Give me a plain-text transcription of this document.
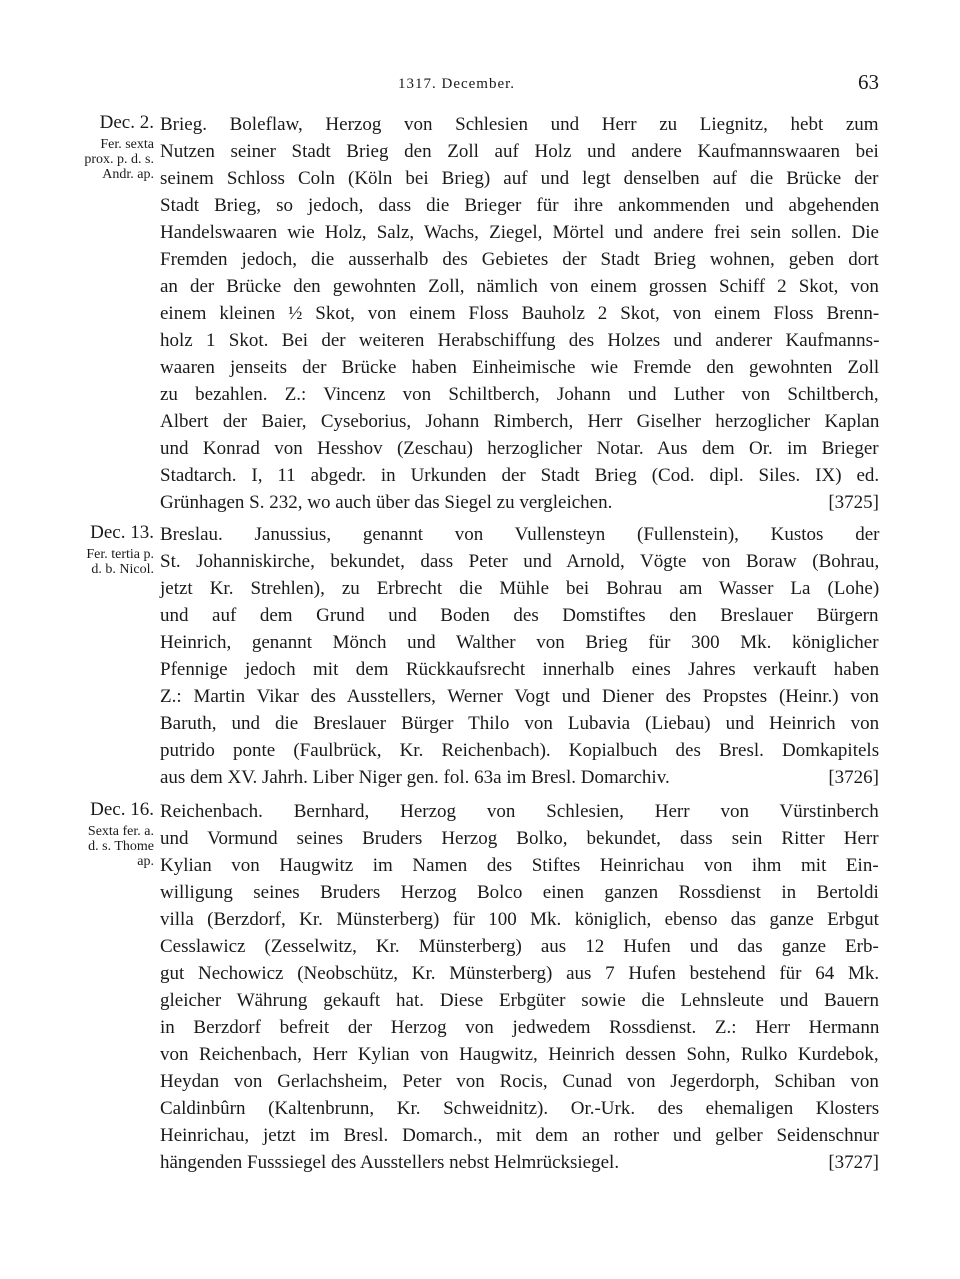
1317. December.	63
Dec. 2.
Fer. sexta
prox. p. d. s.
Andr. ap.
Brieg. Boleflaw, Herzog von Schlesien und Herr zu Liegnitz, hebt zum
Nutzen seiner Stadt Brieg den Zoll auf Holz und andere Kaufmannswaaren bei
seinem Schloss Coln (Köln bei Brieg) auf und legt denselben auf die Brücke der
Stadt Brieg, so jedoch, dass die Brieger für ihre ankommenden und abgehenden
Handelswaaren wie Holz, Salz, Wachs, Ziegel, Mörtel und andere frei sein sollen. Die
Fremden jedoch, die ausserhalb des Gebietes der Stadt Brieg wohnen, geben dort
an der Brücke den gewohnten Zoll, nämlich von einem grossen Schiff 2 Skot, von
einem kleinen ½ Skot, von einem Floss Bauholz 2 Skot, von einem Floss Brenn-
holz 1 Skot. Bei der weiteren Herabschiffung des Holzes und anderer Kaufmanns-
waaren jenseits der Brücke haben Einheimische wie Fremde den gewohnten Zoll
zu bezahlen. Z.: Vincenz von Schiltberch, Johann und Luther von Schiltberch,
Albert der Baier, Cyseborius, Johann Rimberch, Herr Giselher herzoglicher Kaplan
und Konrad von Hesshov (Zeschau) herzoglicher Notar. Aus dem Or. im Brieger
Stadtarch. I, 11 abgedr. in Urkunden der Stadt Brieg (Cod. dipl. Siles. IX) ed.
Grünhagen S. 232, wo auch über das Siegel zu vergleichen.	[3725]
Dec. 13.
Fer. tertia p.
d. b. Nicol.
Breslau. Janussius, genannt von Vullensteyn (Fullenstein), Kustos der
St. Johanniskirche, bekundet, dass Peter und Arnold, Vögte von Boraw (Bohrau,
jetzt Kr. Strehlen), zu Erbrecht die Mühle bei Bohrau am Wasser La (Lohe)
und auf dem Grund und Boden des Domstiftes den Breslauer Bürgern
Heinrich, genannt Mönch und Walther von Brieg für 300 Mk. königlicher
Pfennige jedoch mit dem Rückkaufsrecht innerhalb eines Jahres verkauft haben
Z.: Martin Vikar des Ausstellers, Werner Vogt und Diener des Propstes (Heinr.) von
Baruth, und die Breslauer Bürger Thilo von Lubavia (Liebau) und Heinrich von
putrido ponte (Faulbrück, Kr. Reichenbach). Kopialbuch des Bresl. Domkapitels
aus dem XV. Jahrh. Liber Niger gen. fol. 63a im Bresl. Domarchiv.	[3726]
Dec. 16.
Sexta fer. a.
d. s. Thome
ap.
Reichenbach. Bernhard, Herzog von Schlesien, Herr von Vürstinberch
und Vormund seines Bruders Herzog Bolko, bekundet, dass sein Ritter Herr
Kylian von Haugwitz im Namen des Stiftes Heinrichau von ihm mit Ein-
willigung seines Bruders Herzog Bolco einen ganzen Rossdienst in Bertoldi
villa (Berzdorf, Kr. Münsterberg) für 100 Mk. königlich, ebenso das ganze Erbgut
Cesslawicz (Zesselwitz, Kr. Münsterberg) aus 12 Hufen und das ganze Erb-
gut Nechowicz (Neobschütz, Kr. Münsterberg) aus 7 Hufen bestehend für 64 Mk.
gleicher Währung gekauft hat. Diese Erbgüter sowie die Lehnsleute und Bauern
in Berzdorf befreit der Herzog von jedwedem Rossdienst. Z.: Herr Hermann
von Reichenbach, Herr Kylian von Haugwitz, Heinrich dessen Sohn, Rulko Kurdebok,
Heydan von Gerlachsheim, Peter von Rocis, Cunad von Jegerdorph, Schiban von
Caldinbûrn (Kaltenbrunn, Kr. Schweidnitz). Or.-Urk. des ehemaligen Klosters
Heinrichau, jetzt im Bresl. Domarch., mit dem an rother und gelber Seidenschnur
hängenden Fusssiegel des Ausstellers nebst Helmrücksiegel.	[3727]
